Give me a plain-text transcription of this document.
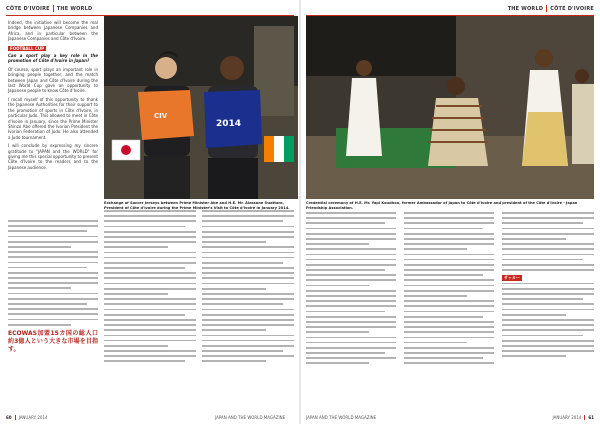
CÔTE D'IVOIRE THE WORLD	THE WORLD CÔTE D'IVOIRE

Indeed, the initiative will become the real bridge between Japanese Companies and Africa, and in particular between the Japanese Companies and Côte d'Ivoire.

FOOTBALL CUP

Can a sport play a key role in the promotion of Côte d'Ivoire in Japan?

Of course, sport plays an important role in bringing people together, and the match between Japan and Côte d'Ivoire during the last World Cup gave an opportunity to Japanese people to know Côte d'Ivoire.

I recall myself of this opportunity to thank the Japanese Authorities for their support to the promotion of sports in Côte d'Ivoire, in particular Judo. This allowed to meet in Côte d'Ivoire in January, since the Prime Minister Shinzo Abe offered the Ivorian President the Ivorian Federation of Judo. He also attended a Judo tournament.

I will conclude by expressing my sincere gratitude to "JAPAN and the WORLD" for giving me this special opportunity to present Côte d'Ivoire to the readers and to the Japanese audience.

CIV
2014
Exchange of Soccer Jerseys between Prime Minister Abe and H.E. Mr. Alassane Ouattara, President of Côte d'Ivoire during the Prime Minister's Visit to Côte d'Ivoire in January 2014.
ECOWAS加盟15カ国の総人口約3億人という大きな市場を目指す。
Credential ceremony of H.E. Mr. Yapi Koudhon, former Ambassador of Japan to Côte d'Ivoire and president of the Côte d'Ivoire - Japan Friendship Association.
サッカー
60 JANUARY 2014	JAPAN AND THE WORLD MAGAZINE	JAPAN AND THE WORLD MAGAZINE	JANUARY 2014 61
